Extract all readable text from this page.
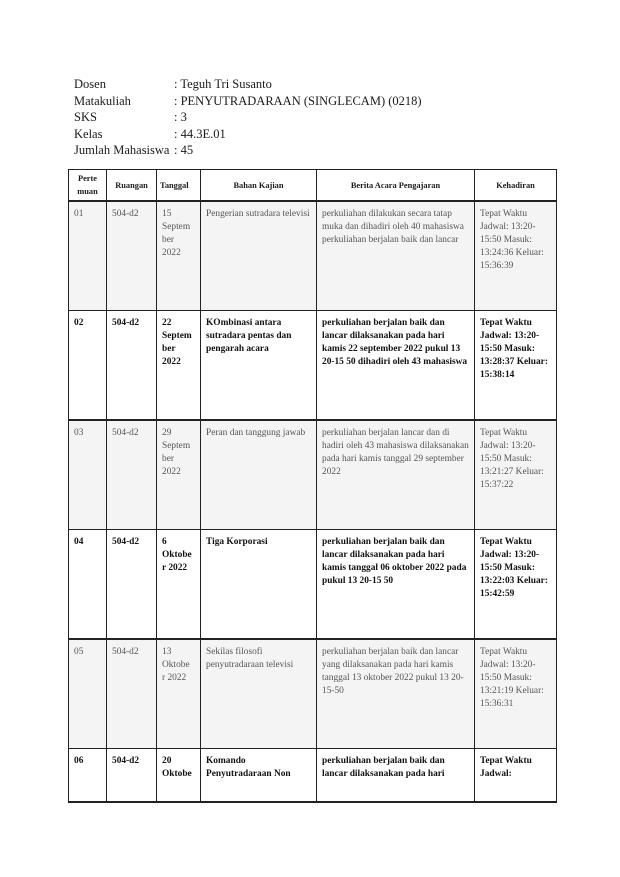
Dosen	: Teguh Tri Susanto
Matakuliah	: PENYUTRADARAAN (SINGLECAM) (0218)
SKS	: 3
Kelas	: 44.3E.01
Jumlah Mahasiswa	: 45
Perte
muan	Ruangan	Tanggal	Bahan Kajian	Berita Acara Pengajaran	Kehadiran
01	504-d2	15 Septem ber 2022	Pengerian sutradara televisi	perkuliahan dilakukan secara tatap muka dan dihadiri oleh 40 mahasiswa perkuliahan berjalan baik dan lancar	Tepat Waktu Jadwal: 13:20-15:50 Masuk: 13:24:36 Keluar: 15:36:39
02	504-d2	22 Septem ber 2022	KOmbinasi antara sutradara pentas dan pengarah acara	perkuliahan berjalan baik dan lancar dilaksanakan pada hari kamis 22 september 2022 pukul 13 20-15 50 dihadiri oleh 43 mahasiswa	Tepat Waktu Jadwal: 13:20-15:50 Masuk: 13:28:37 Keluar: 15:38:14
03	504-d2	29 Septem ber 2022	Peran dan tanggung jawab	perkuliahan berjalan lancar dan di hadiri oleh 43 mahasiswa dilaksanakan pada hari kamis tanggal 29 september 2022	Tepat Waktu Jadwal: 13:20-15:50 Masuk: 13:21:27 Keluar: 15:37:22
04	504-d2	6 Oktobe r 2022	Tiga Korporasi	perkuliahan berjalan baik dan lancar dilaksanakan pada hari kamis tanggal 06 oktober 2022 pada pukul 13 20-15 50	Tepat Waktu Jadwal: 13:20-15:50 Masuk: 13:22:03 Keluar: 15:42:59
05	504-d2	13 Oktobe r 2022	Sekilas filosofi penyutradaraan televisi	perkuliahan berjalan baik dan lancar yang dilaksanakan pada hari kamis tanggal 13 oktober 2022 pukul 13 20-15-50	Tepat Waktu Jadwal: 13:20-15:50 Masuk: 13:21:19 Keluar: 15:36:31
06	504-d2	20 Oktobe	Komando Penyutradaraan Non	perkuliahan berjalan baik dan lancar dilaksanakan pada hari	Tepat Waktu Jadwal:
